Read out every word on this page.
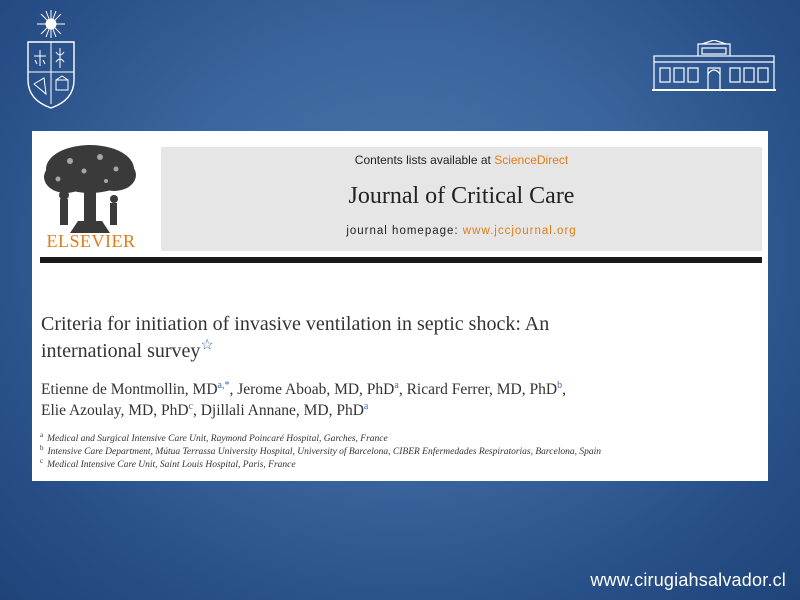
ELSEVIER
Contents lists available at ScienceDirect
Journal of Critical Care
journal homepage: www.jccjournal.org
Criteria for initiation of invasive ventilation in septic shock: An
international survey☆
Etienne de Montmollin, $MD^{a,*}$, Jerome Aboab, MD, PhD$^a$, Ricard Ferrer, MD, PhD$^b$,
Elie Azoulay, MD, PhD$^c$, Djillali Annane, MD, PhD$^a$
$^a$ Medical and Surgical Intensive Care Unit, Raymond Poincaré Hospital, Garches, France
$^b$ Intensive Care Department, Mútua Terrassa University Hospital, University of Barcelona, CIBER Enfermedades Respiratorias, Barcelona, Spain
$^c$ Medical Intensive Care Unit, Saint Louis Hospital, Paris, France
www.cirugiahsalvador.cl
